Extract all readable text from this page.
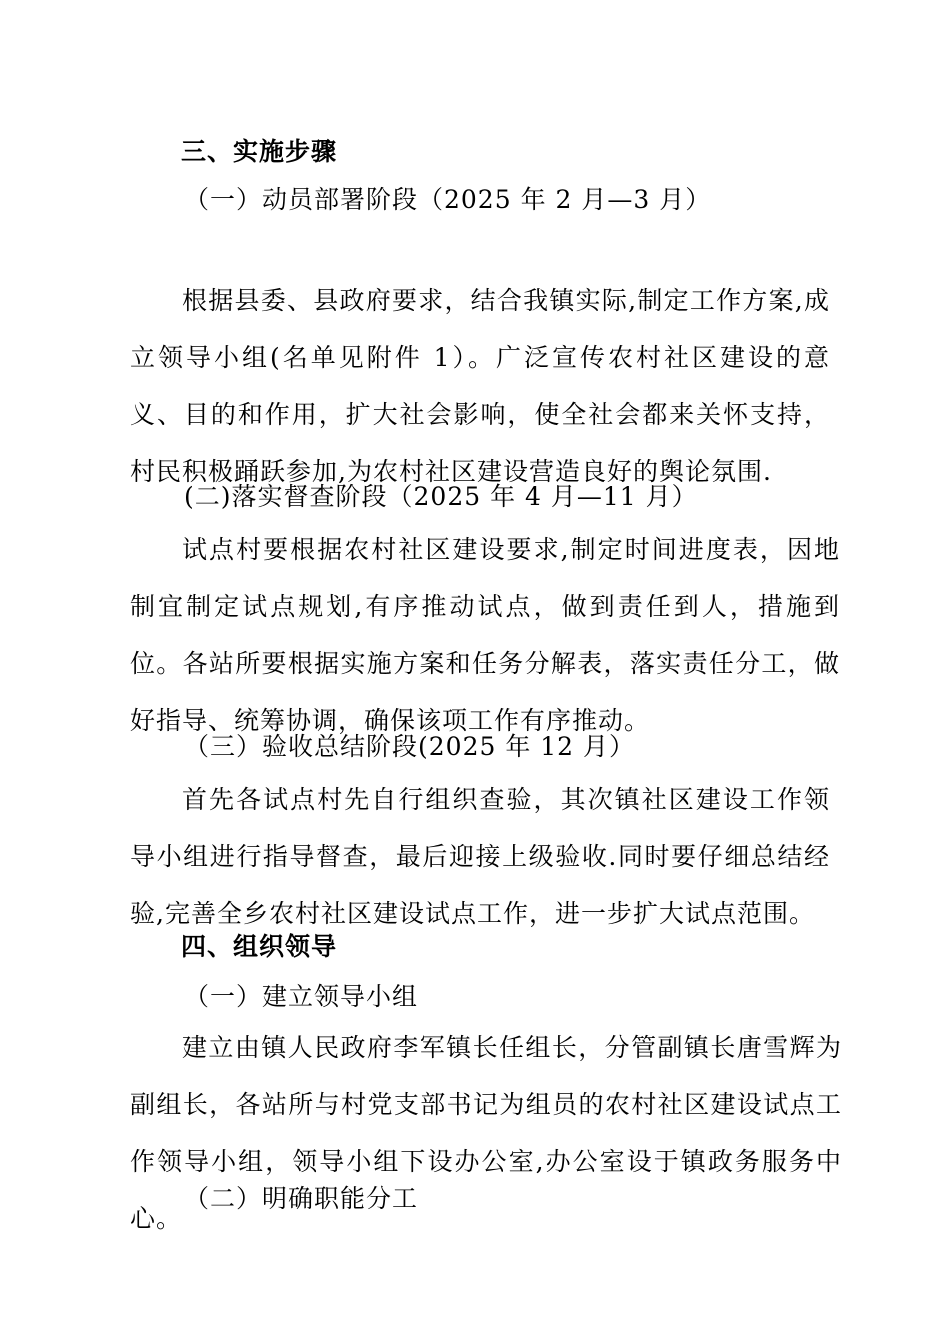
三、实施步骤

（一）动员部署阶段（2025 年 2 月—3 月）

根据县委、县政府要求，结合我镇实际,制定工作方案,成立领导小组(名单见附件 1）。广泛宣传农村社区建设的意义、目的和作用，扩大社会影响，使全社会都来关怀支持，村民积极踊跃参加,为农村社区建设营造良好的舆论氛围.

(二)落实督查阶段（2025 年 4 月—11 月）

试点村要根据农村社区建设要求,制定时间进度表，因地制宜制定试点规划,有序推动试点，做到责任到人，措施到位。各站所要根据实施方案和任务分解表，落实责任分工，做好指导、统筹协调，确保该项工作有序推动。

（三）验收总结阶段(2025 年 12 月）

首先各试点村先自行组织查验，其次镇社区建设工作领导小组进行指导督查，最后迎接上级验收.同时要仔细总结经验,完善全乡农村社区建设试点工作，进一步扩大试点范围。

四、组织领导

（一）建立领导小组

建立由镇人民政府李军镇长任组长，分管副镇长唐雪辉为副组长，各站所与村党支部书记为组员的农村社区建设试点工作领导小组，领导小组下设办公室,办公室设于镇政务服务中心。

（二）明确职能分工
